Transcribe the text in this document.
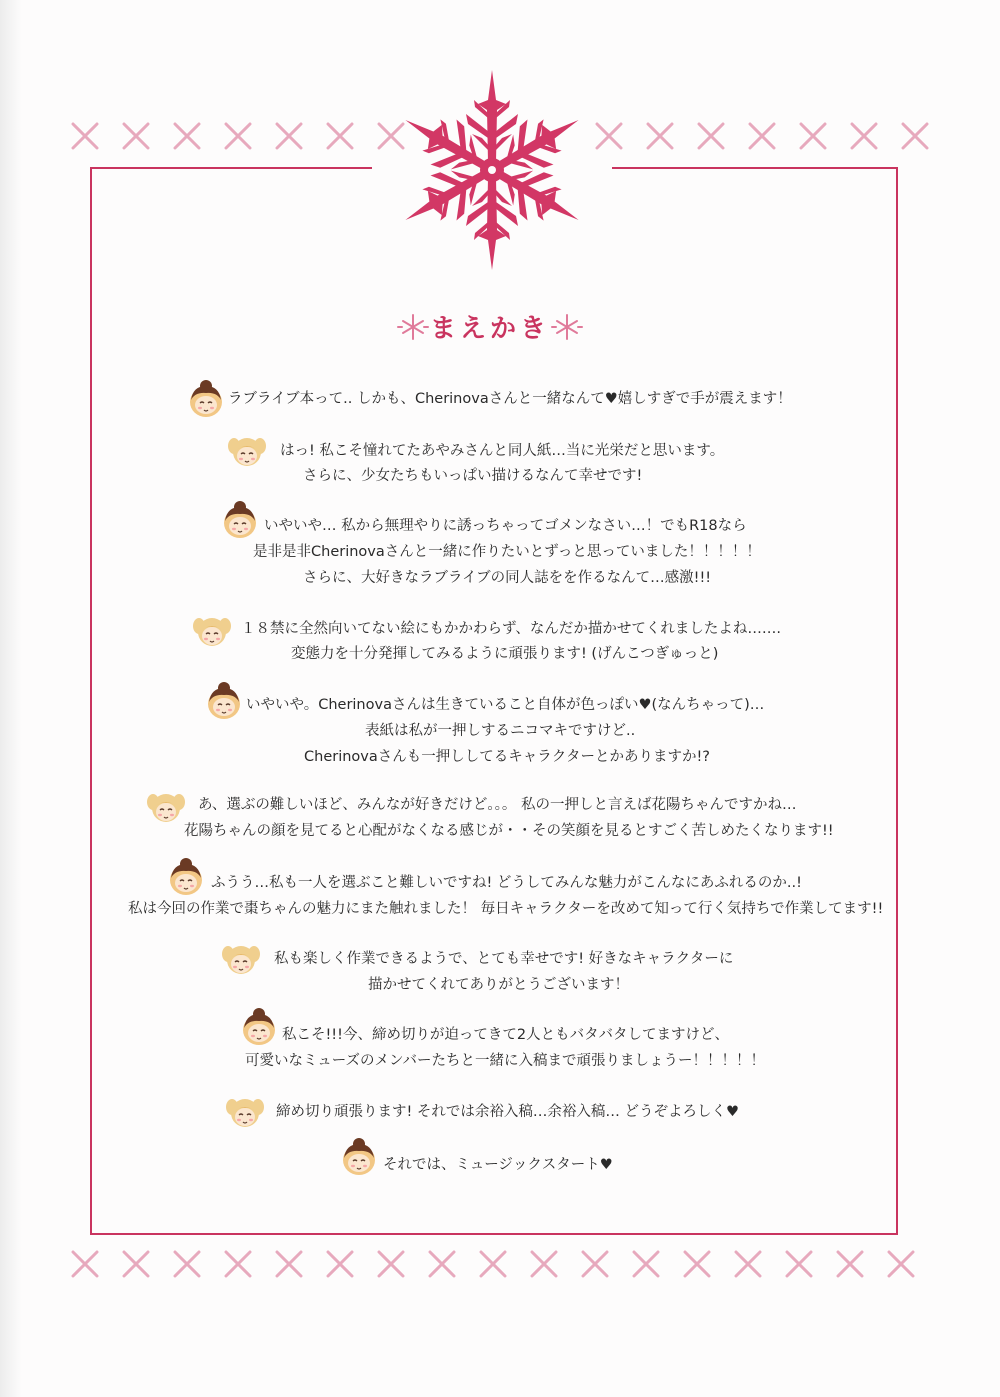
まえかき
ラブライブ本って.. しかも、Cherinovaさんと一緒なんて♥嬉しすぎで手が震えます！
はっ! 私こそ憧れてたあやみさんと同人紙…当に光栄だと思います。
さらに、少女たちもいっぱい描けるなんて幸せです!
いやいや… 私から無理やりに誘っちゃってゴメンなさい…！でもR18なら
是非是非Cherinovaさんと一緒に作りたいとずっと思っていました！！！！！
さらに、大好きなラブライブの同人誌をを作るなんて…感激!!!
１８禁に全然向いてない絵にもかかわらず、なんだか描かせてくれましたよね…….
変態力を十分発揮してみるように頑張ります! (げんこつぎゅっと)
いやいや。Cherinovaさんは生きていること自体が色っぽい♥(なんちゃって)…
表紙は私が一押しするニコマキですけど..
Cherinovaさんも一押ししてるキャラクターとかありますか!?
あ、選ぶの難しいほど、みんなが好きだけど。。。 私の一押しと言えば花陽ちゃんですかね…
花陽ちゃんの顔を見てると心配がなくなる感じが・・その笑顔を見るとすごく苦しめたくなります!!
ふうう…私も一人を選ぶこと難しいですね! どうしてみんな魅力がこんなにあふれるのか..!
私は今回の作業で棗ちゃんの魅力にまた触れました！ 毎日キャラクターを改めて知って行く気持ちで作業してます!!
私も楽しく作業できるようで、とても幸せです! 好きなキャラクターに
描かせてくれてありがとうございます！
私こそ!!!今、締め切りが迫ってきて2人ともバタバタしてますけど、
可愛いなミューズのメンバーたちと一緒に入稿まで頑張りましょうー！！！！！
締め切り頑張ります! それでは余裕入稿…余裕入稿… どうぞよろしく♥
それでは、ミュージックスタート♥
